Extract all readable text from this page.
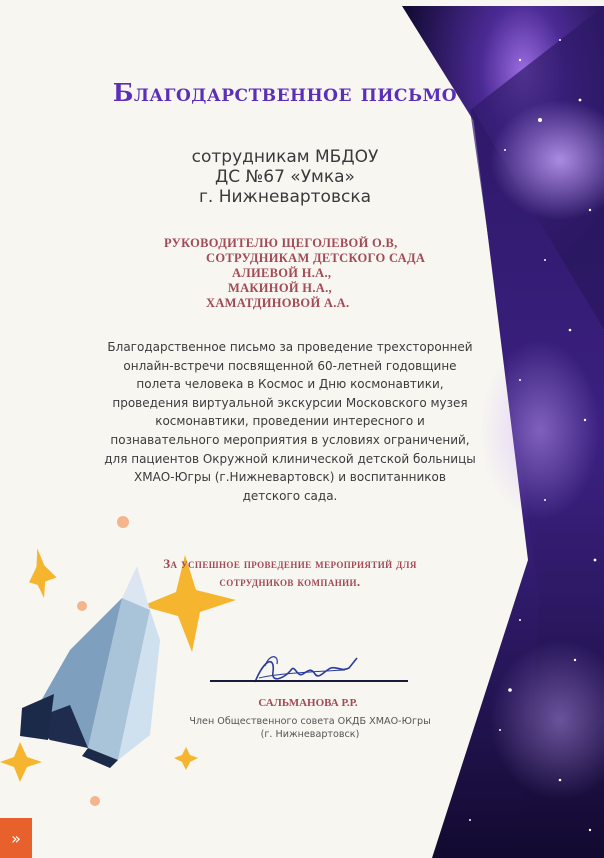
Благодарственное письмо
сотрудникам МБДОУ
ДС №67 «Умка»
г. Нижневартовска
РУКОВОДИТЕЛЮ ЩЕГОЛЕВОЙ О.В,
СОТРУДНИКАМ ДЕТСКОГО САДА
АЛИЕВОЙ Н.А.,
МАКИНОЙ Н.А.,
ХАМАТДИНОВОЙ А.А.
Благодарственное письмо за проведение трехсторонней
онлайн-встречи посвященной 60-летней годовщине
полета человека в Космос и Дню космонавтики,
проведения виртуальной экскурсии Московского музея
космонавтики, проведении интересного и
познавательного мероприятия в условиях ограничений,
для пациентов Окружной клинической детской больницы
ХМАО-Югры (г.Нижневартовск) и воспитанников
детского сада.
За успешное проведение мероприятий для
сотрудников компании.
САЛЬМАНОВА Р.Р.
Член Общественного совета ОКДБ ХМАО-Югры
(г. Нижневартовск)
»
